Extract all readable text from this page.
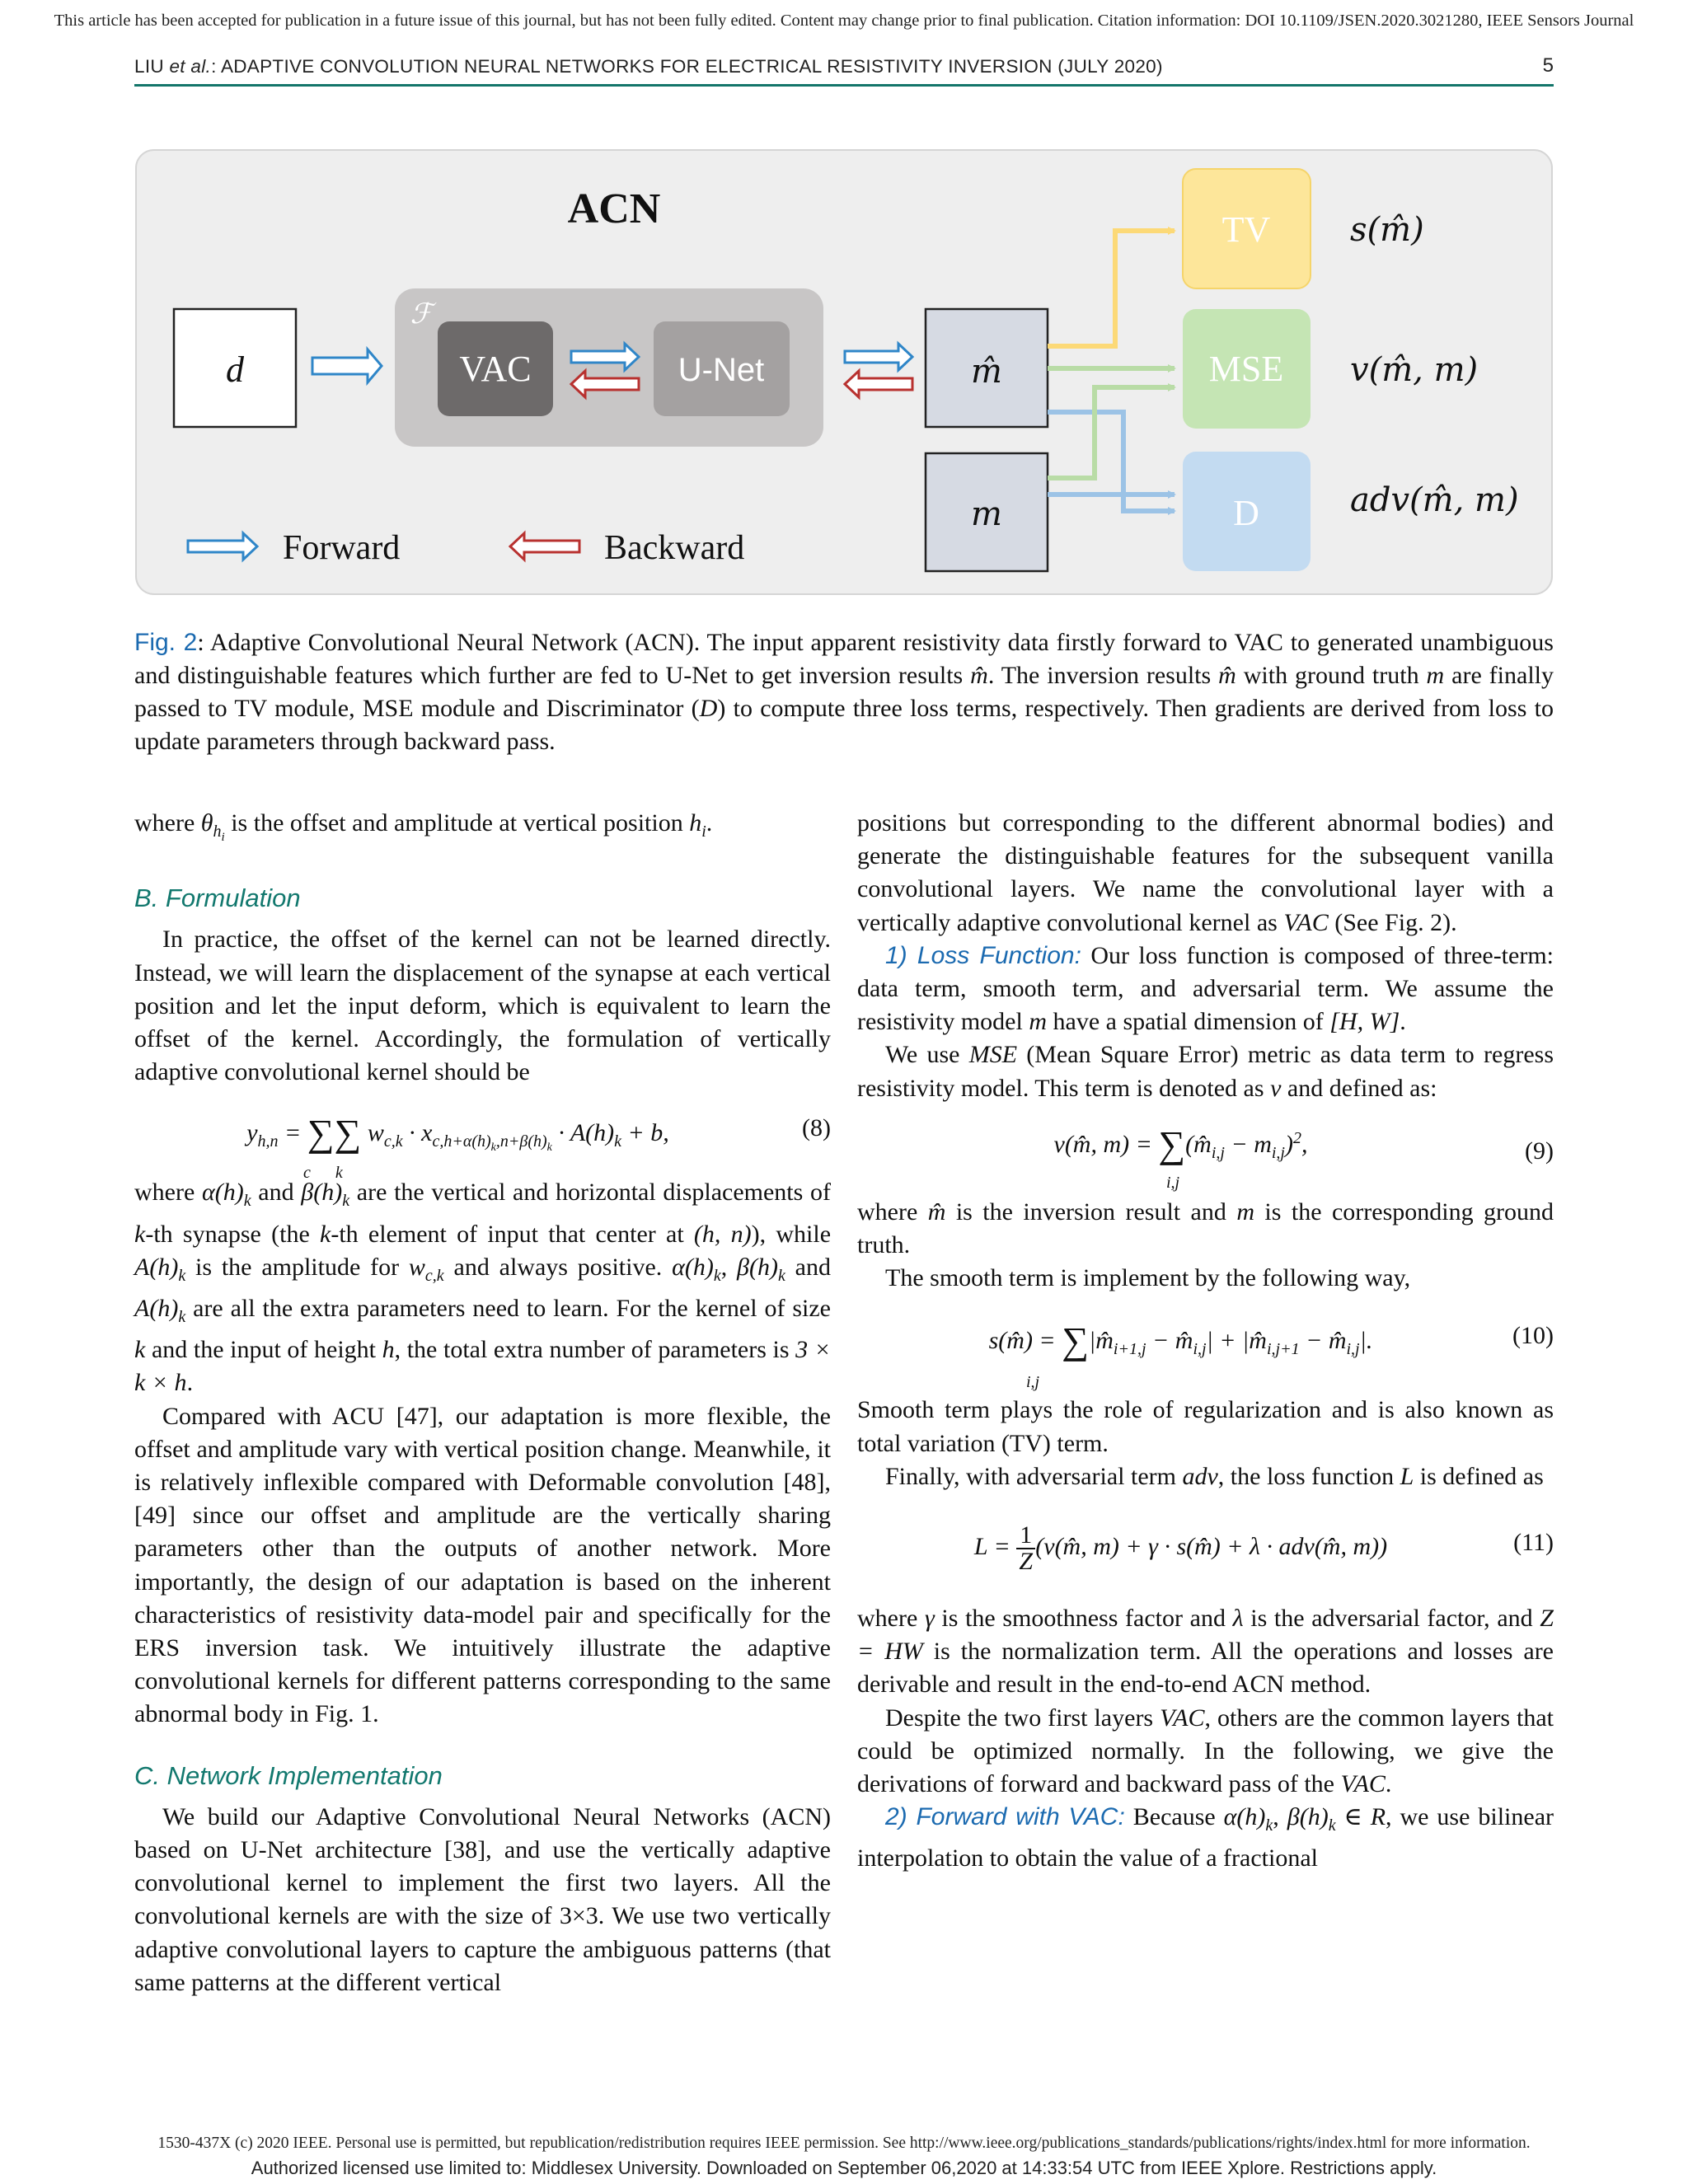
This article has been accepted for publication in a future issue of this journal, but has not been fully edited. Content may change prior to final publication. Citation information: DOI 10.1109/JSEN.2020.3021280, IEEE Sensors Journal
LIU et al.: ADAPTIVE CONVOLUTION NEURAL NETWORKS FOR ELECTRICAL RESISTIVITY INVERSION (JULY 2020)	5
ACN
d
ℱ
VAC	U-Net	m̂
m
TV
MSE
D
s(m̂)
v(m̂, m)
adv(m̂, m)
Forward	Backward
Fig. 2: Adaptive Convolutional Neural Network (ACN). The input apparent resistivity data firstly forward to VAC to generated unambiguous and distinguishable features which further are fed to U-Net to get inversion results m̂. The inversion results m̂ with ground truth m are finally passed to TV module, MSE module and Discriminator (D) to compute three loss terms, respectively. Then gradients are derived from loss to update parameters through backward pass.

where $\theta_{h_i}$ is the offset and amplitude at vertical position $h_i$.

B. Formulation

In practice, the offset of the kernel can not be learned directly. Instead, we will learn the displacement of the synapse at each vertical position and let the input deform, which is equivalent to learn the offset of the kernel. Accordingly, the formulation of vertically adaptive convolutional kernel should be

$y_{h,n}$ = ∑∑ $w_{c,k} \cdot x_{c,h+\alpha(h)_k,n+\beta(h)_k} \cdot A(h)_k + b$,
c      k
(8)

where $\alpha(h)_k$ and $\beta(h)_k$ are the vertical and horizontal displacements of k-th synapse (the k-th element of input that center at (h, n)), while $A(h)_k$ is the amplitude for $w_{c,k}$ and always positive. $\alpha(h)_k$, $\beta(h)_k$ and $A(h)_k$ are all the extra parameters need to learn. For the kernel of size k and the input of height h, the total extra number of parameters is 3 × k × h.

Compared with ACU [47], our adaptation is more flexible, the offset and amplitude vary with vertical position change. Meanwhile, it is relatively inflexible compared with Deformable convolution [48], [49] since our offset and amplitude are the vertically sharing parameters other than the outputs of another network. More importantly, the design of our adaptation is based on the inherent characteristics of resistivity data-model pair and specifically for the ERS inversion task. We intuitively illustrate the adaptive convolutional kernels for different patterns corresponding to the same abnormal body in Fig. 1.

C. Network Implementation

We build our Adaptive Convolutional Neural Networks (ACN) based on U-Net architecture [38], and use the vertically adaptive convolutional kernel to implement the first two layers. All the convolutional kernels are with the size of 3×3. We use two vertically adaptive convolutional layers to capture the ambiguous patterns (that same patterns at the different vertical

positions but corresponding to the different abnormal bodies) and generate the distinguishable features for the subsequent vanilla convolutional layers. We name the convolutional layer with a vertically adaptive convolutional kernel as VAC (See Fig. 2).

1) Loss Function: Our loss function is composed of three-term: data term, smooth term, and adversarial term. We assume the resistivity model m have a spatial dimension of [H, W].

We use MSE (Mean Square Error) metric as data term to regress resistivity model. This term is denoted as v and defined as:

v(m̂, $m) = \sum(m̂_{i,j} - m_{i,j})^2$,
i,j
(9)

where m̂ is the inversion result and m is the corresponding ground truth.

The smooth term is implement by the following way,

s(m̂) = $\sum|m̂_{i+1,j}$ − $m̂_{i,j}|$ + $|m̂_{i,j+1}$ − $m̂_{i,j}|$.
i,j
(10)

Smooth term plays the role of regularization and is also known as total variation (TV) term.

Finally, with adversarial term adv, the loss function L is defined as

$L = \frac{1}{Z}$ (v(m̂, m) + γ · s(m̂) + λ · adv(m̂, m))	(11)

where γ is the smoothness factor and λ is the adversarial factor, and Z = HW is the normalization term. All the operations and losses are derivable and result in the end-to-end ACN method.

Despite the two first layers VAC, others are the common layers that could be optimized normally. In the following, we give the derivations of forward and backward pass of the VAC.

2) Forward with VAC: Because $\alpha(h)_k$, $\beta(h)_k$ ∈ R, we use bilinear interpolation to obtain the value of a fractional

1530-437X (c) 2020 IEEE. Personal use is permitted, but republication/redistribution requires IEEE permission. See http://www.ieee.org/publications_standards/publications/rights/index.html for more information.
Authorized licensed use limited to: Middlesex University. Downloaded on September 06,2020 at 14:33:54 UTC from IEEE Xplore. Restrictions apply.
